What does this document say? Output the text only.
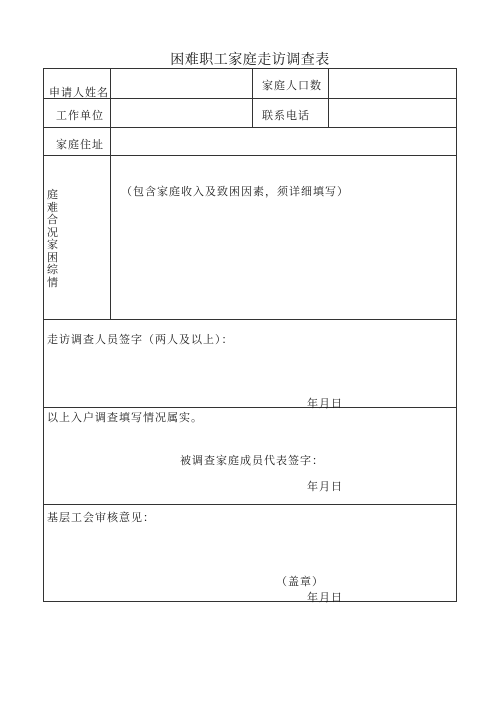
困难职工家庭走访调查表
申请人姓名
家庭人口数
工作单位	联系电话
家庭住址
庭难合况家困综情
（包含家庭收入及致困因素，须详细填写）
走访调查人员签字（两人及以上）：
年月日
以上入户调查填写情况属实。
被调查家庭成员代表签字：
年月日
基层工会审核意见：
（盖章）
年月日
